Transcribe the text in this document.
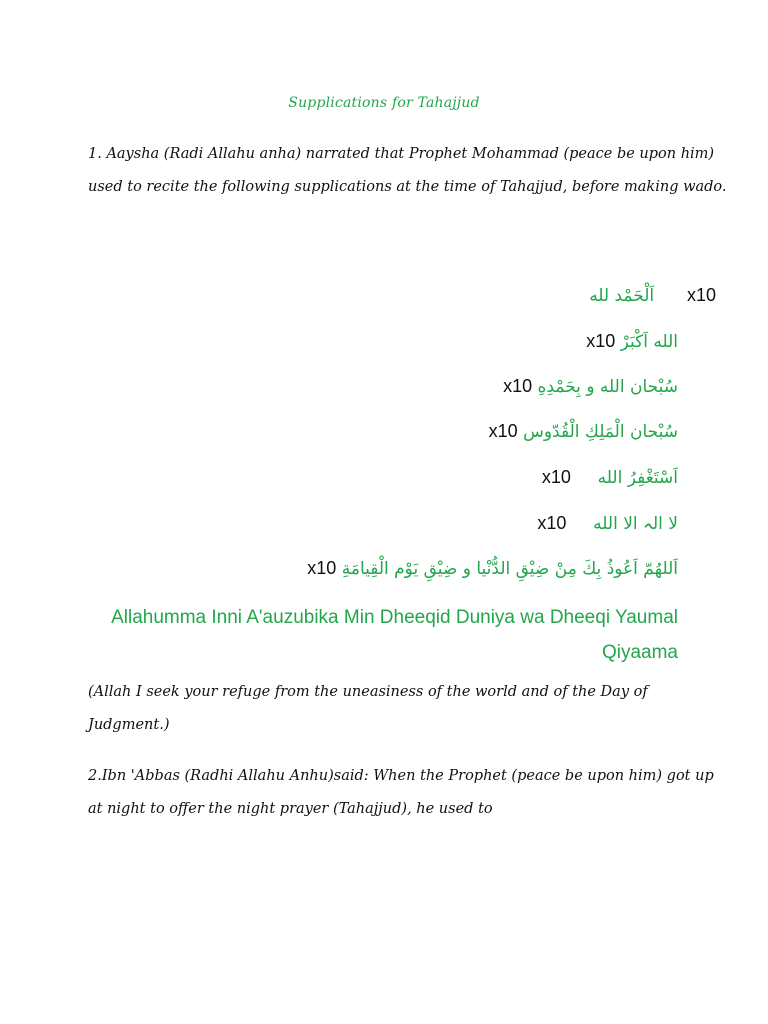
Supplications for Tahajjud
1. Aaysha (Radi Allahu anha) narrated that Prophet Mohammad (peace be upon him) used to recite the following supplications at the time of Tahajjud, before making wado.
اَلْحَمْد لله x10
x10 الله اَكْبَرْ
x10 سُبْحان الله و بِحَمْدِهِ
x10 سُبْحان الْمَلِكِ الْقُدّوس
x10 اَسْتَغْفِرُ الله
x10 لا الہ الا الله
x10 اَللهُمّ اَعُوذُ بِكَ مِنْ ضِيْقِ الدُّنْيا و ضِيْقِ يَوْم الْقِيامَةِ
Allahumma Inni A'auzubika Min Dheeqid Duniya wa Dheeqi Yaumal Qiyaama
(Allah I seek your refuge from the uneasiness of the world and of the Day of Judgment.)
2.Ibn 'Abbas (Radhi Allahu Anhu)said: When the Prophet (peace be upon him) got up at night to offer the night prayer (Tahajjud), he used to
